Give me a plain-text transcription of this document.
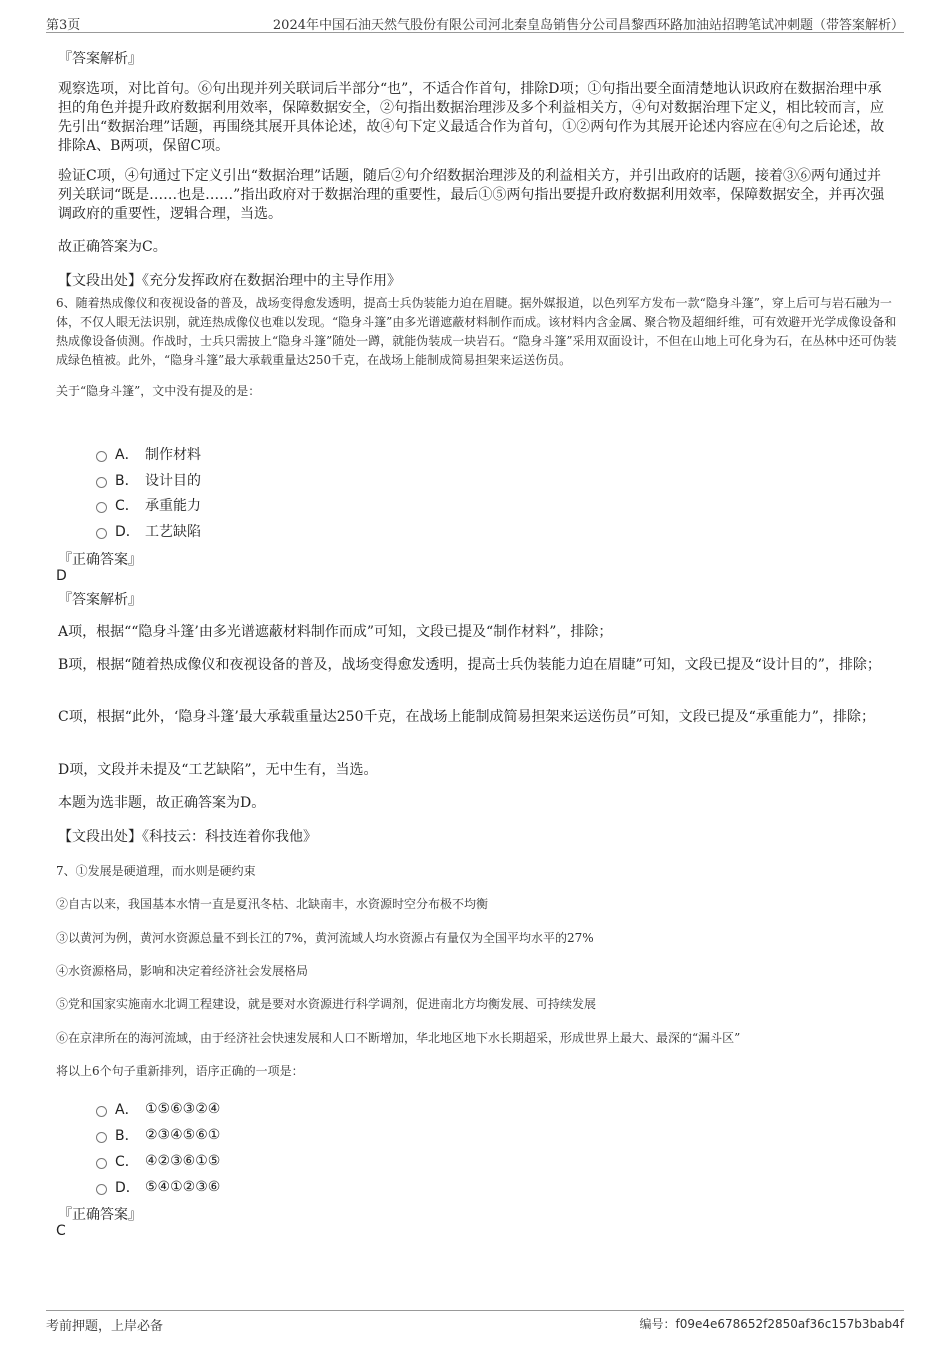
第3页	2024年中国石油天然气股份有限公司河北秦皇岛销售分公司昌黎西环路加油站招聘笔试冲刺题（带答案解析）
『答案解析』
观察选项，对比首句。⑥句出现并列关联词后半部分“也”，不适合作首句，排除D项；①句指出要全面清楚地认识政府在数据治理中承担的角色并提升政府数据利用效率，保障数据安全，②句指出数据治理涉及多个利益相关方，④句对数据治理下定义，相比较而言，应先引出“数据治理”话题，再围绕其展开具体论述，故④句下定义最适合作为首句，①②两句作为其展开论述内容应在④句之后论述，故排除A、B两项，保留C项。
验证C项，④句通过下定义引出“数据治理”话题，随后②句介绍数据治理涉及的利益相关方，并引出政府的话题，接着③⑥两句通过并列关联词“既是……也是……”指出政府对于数据治理的重要性，最后①⑤两句指出要提升政府数据利用效率，保障数据安全，并再次强调政府的重要性，逻辑合理，当选。
故正确答案为C。
【文段出处】《充分发挥政府在数据治理中的主导作用》
6、随着热成像仪和夜视设备的普及，战场变得愈发透明，提高士兵伪装能力迫在眉睫。据外媒报道，以色列军方发布一款“隐身斗篷”，穿上后可与岩石融为一体，不仅人眼无法识别，就连热成像仪也难以发现。“隐身斗篷”由多光谱遮蔽材料制作而成。该材料内含金属、聚合物及超细纤维，可有效避开光学成像设备和热成像设备侦测。作战时，士兵只需披上“隐身斗篷”随处一蹲，就能伪装成一块岩石。“隐身斗篷”采用双面设计，不但在山地上可化身为石，在丛林中还可伪装成绿色植被。此外，“隐身斗篷”最大承载重量达250千克，在战场上能制成简易担架来运送伤员。
关于“隐身斗篷”，文中没有提及的是：
A． 制作材料
B． 设计目的
C． 承重能力
D． 工艺缺陷
『正确答案』
D
『答案解析』
A项，根据““隐身斗篷’由多光谱遮蔽材料制作而成”可知，文段已提及“制作材料”，排除；
B项，根据“随着热成像仪和夜视设备的普及，战场变得愈发透明，提高士兵伪装能力迫在眉睫”可知，文段已提及“设计目的”，排除；
C项，根据“此外，‘隐身斗篷’最大承载重量达250千克，在战场上能制成简易担架来运送伤员”可知，文段已提及“承重能力”，排除；
D项，文段并未提及“工艺缺陷”，无中生有，当选。
本题为选非题，故正确答案为D。
【文段出处】《科技云：科技连着你我他》
7、①发展是硬道理，而水则是硬约束
②自古以来，我国基本水情一直是夏汛冬枯、北缺南丰，水资源时空分布极不均衡
③以黄河为例，黄河水资源总量不到长江的7%，黄河流域人均水资源占有量仅为全国平均水平的27%
④水资源格局，影响和决定着经济社会发展格局
⑤党和国家实施南水北调工程建设，就是要对水资源进行科学调剂，促进南北方均衡发展、可持续发展
⑥在京津所在的海河流域，由于经济社会快速发展和人口不断增加，华北地区地下水长期超采，形成世界上最大、最深的“漏斗区”
将以上6个句子重新排列，语序正确的一项是：
A． ①⑤⑥③②④
B． ②③④⑤⑥①
C． ④②③⑥①⑤
D． ⑤④①②③⑥
『正确答案』
C
考前押题，上岸必备	编号：f09e4e678652f2850af36c157b3bab4f
